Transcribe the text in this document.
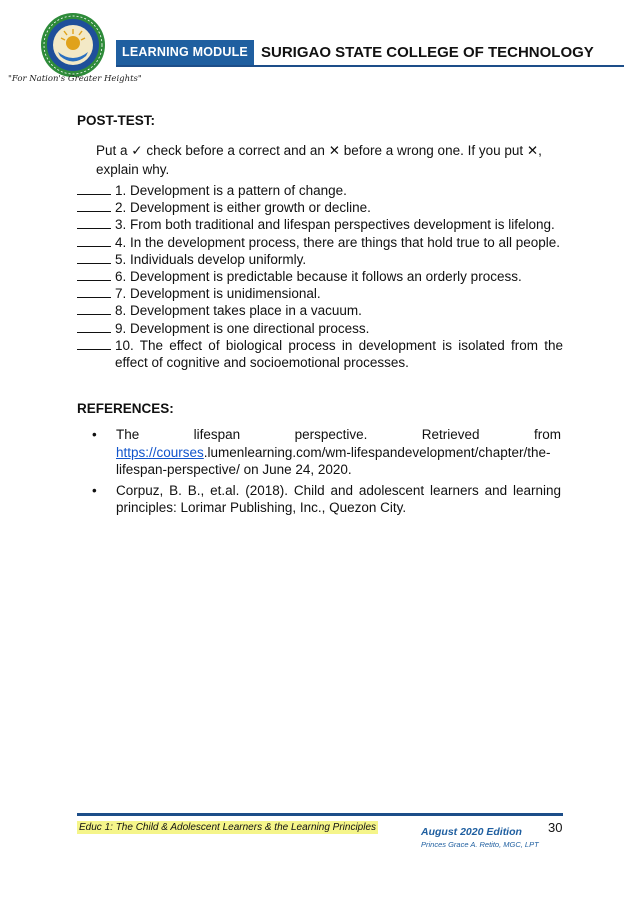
"For Nation's Greater Heights"
LEARNING MODULE SURIGAO STATE COLLEGE OF TECHNOLOGY
POST-TEST:
Put a ✓ check before a correct and an ✕ before a wrong one. If you put ✕, explain why.
1. Development is a pattern of change.
2. Development is either growth or decline.
3. From both traditional and lifespan perspectives development is lifelong.
4. In the development process, there are things that hold true to all people.
5. Individuals develop uniformly.
6. Development is predictable because it follows an orderly process.
7. Development is unidimensional.
8. Development takes place in a vacuum.
9. Development is one directional process.
10. The effect of biological process in development is isolated from the effect of cognitive and socioemotional processes.
REFERENCES:
• The	lifespan	perspective.	Retrieved	from
https://courses.lumenlearning.com/wm-lifespandevelopment/chapter/the-lifespan-perspective/ on June 24, 2020.
• Corpuz, B. B., et.al. (2018). Child and adolescent learners and learning principles: Lorimar Publishing, Inc., Quezon City.
Educ 1: The Child & Adolescent Learners & the Learning Principles	August 2020 Edition
Princes Grace A. Retito, MGC, LPT
30
